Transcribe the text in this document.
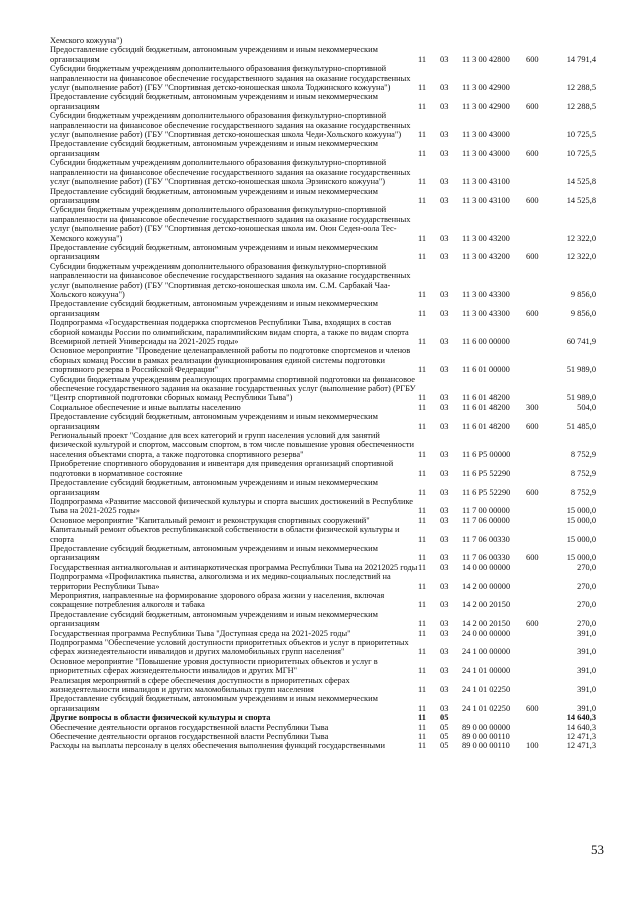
Хемского кожууна")					
Предоставление субсидий бюджетным, автономным учреждениям и иным некоммерческим организациям	11	03	11 3 00 42800	600	14 791,4
Субсидии бюджетным учреждениям дополнительного образования физкультурно-спортивной направленности на финансовое обеспечение государственного задания на оказание государственных услуг (выполнение работ) (ГБУ "Спортивная детско-юношеская школа Тоджинского кожууна")	11	03	11 3 00 42900		12 288,5
Предоставление субсидий бюджетным, автономным учреждениям и иным некоммерческим организациям	11	03	11 3 00 42900	600	12 288,5
Субсидии бюджетным учреждениям дополнительного образования физкультурно-спортивной направленности на финансовое обеспечение государственного задания на оказание государственных услуг (выполнение работ) (ГБУ "Спортивная детско-юношеская школа Чеди-Хольского кожууна")	11	03	11 3 00 43000		10 725,5
Предоставление субсидий бюджетным, автономным учреждениям и иным некоммерческим организациям	11	03	11 3 00 43000	600	10 725,5
Субсидии бюджетным учреждениям дополнительного образования физкультурно-спортивной направленности на финансовое обеспечение государственного задания на оказание государственных услуг (выполнение работ) (ГБУ "Спортивная детско-юношеская школа Эрзинского кожууна")	11	03	11 3 00 43100		14 525,8
Предоставление субсидий бюджетным, автономным учреждениям и иным некоммерческим организациям	11	03	11 3 00 43100	600	14 525,8
Субсидии бюджетным учреждениям дополнительного образования физкультурно-спортивной направленности на финансовое обеспечение государственного задания на оказание государственных услуг (выполнение работ) (ГБУ "Спортивная детско-юношеская школа им. Оюн Седен-оола Тес-Хемского кожууна")	11	03	11 3 00 43200		12 322,0
Предоставление субсидий бюджетным, автономным учреждениям и иным некоммерческим организациям	11	03	11 3 00 43200	600	12 322,0
Субсидии бюджетным учреждениям дополнительного образования физкультурно-спортивной направленности на финансовое обеспечение государственного задания на оказание государственных услуг (выполнение работ) (ГБУ "Спортивная детско-юношеская школа им. С.М. Сарбакай Чаа-Хольского кожууна")	11	03	11 3 00 43300		9 856,0
Предоставление субсидий бюджетным, автономным учреждениям и иным некоммерческим организациям	11	03	11 3 00 43300	600	9 856,0
Подпрограмма «Государственная поддержка спортсменов Республики Тыва, входящих в состав сборной команды России по олимпийским, паралимпийским видам спорта, а также по видам спорта Всемирной летней Универсиады на 2021-2025 годы»	11	03	11 6 00 00000		60 741,9
Основное мероприятие "Проведение целенаправленной работы по подготовке спортсменов и членов сборных команд России в рамках реализации функционирования единой системы подготовки спортивного резерва в Российской Федерации"	11	03	11 6 01 00000		51 989,0
Субсидии бюджетным учреждениям реализующих программы спортивной подготовки на финансовое обеспечение государственного задания на оказание государственных услуг (выполнение работ) (РГБУ "Центр спортивной подготовки сборных команд Республики Тыва")	11	03	11 6 01 48200		51 989,0
Социальное обеспечение и иные выплаты населению	11	03	11 6 01 48200	300	504,0
Предоставление субсидий бюджетным, автономным учреждениям и иным некоммерческим организациям	11	03	11 6 01 48200	600	51 485,0
Региональный проект "Создание для всех категорий и групп населения условий для занятий физической культурой и спортом, массовым спортом, в том числе повышение уровня обеспеченности населения объектами спорта, а также подготовка спортивного резерва"	11	03	11 6 P5 00000		8 752,9
Приобретение спортивного оборудования и инвентаря для приведения организаций спортивной подготовки в нормативное состояние	11	03	11 6 P5 52290		8 752,9
Предоставление субсидий бюджетным, автономным учреждениям и иным некоммерческим организациям	11	03	11 6 P5 52290	600	8 752,9
Подпрограмма «Развитие массовой физической культуры и спорта высших достижений в Республике Тыва на 2021-2025 годы»	11	03	11 7 00 00000		15 000,0
Основное мероприятие "Капитальный ремонт и реконструкция спортивных сооружений"	11	03	11 7 06 00000		15 000,0
Капитальный ремонт объектов республиканской собственности в области физической культуры и спорта	11	03	11 7 06 00330		15 000,0
Предоставление субсидий бюджетным, автономным учреждениям и иным некоммерческим организациям	11	03	11 7 06 00330	600	15 000,0
Государственная антиалкогольная и антинаркотическая программа Республики Тыва на 20212025 годы	11	03	14 0 00 00000		270,0
Подпрограмма «Профилактика пьянства, алкоголизма и их медико-социальных последствий на территории Республики Тыва»	11	03	14 2 00 00000		270,0
Мероприятия, направленные на формирование здорового образа жизни у населения, включая сокращение потребления алкоголя и табака	11	03	14 2 00 20150		270,0
Предоставление субсидий бюджетным, автономным учреждениям и иным некоммерческим организациям	11	03	14 2 00 20150	600	270,0
Государственная программа Республики Тыва "Доступная среда на 2021-2025 годы"	11	03	24 0 00 00000		391,0
Подпрограмма "Обеспечение условий доступности приоритетных объектов и услуг в приоритетных сферах жизнедеятельности инвалидов и других маломобильных групп населения"	11	03	24 1 00 00000		391,0
Основное мероприятие "Повышение уровня доступности приоритетных объектов и услуг в приоритетных сферах жизнедеятельности инвалидов и других МГН"	11	03	24 1 01 00000		391,0
Реализация мероприятий в сфере обеспечения доступности в приоритетных сферах жизнедеятельности инвалидов и других маломобильных групп населения	11	03	24 1 01 02250		391,0
Предоставление субсидий бюджетным, автономным учреждениям и иным некоммерческим организациям	11	03	24 1 01 02250	600	391,0
Другие вопросы в области физической культуры и спорта	11	05			14 640,3
Обеспечение деятельности органов государственной власти Республики Тыва	11	05	89 0 00 00000		14 640,3
Обеспечение деятельности органов государственной власти Республики Тыва	11	05	89 0 00 00110		12 471,3
Расходы на выплаты персоналу в целях обеспечения выполнения функций государственными	11	05	89 0 00 00110	100	12 471,3
53
